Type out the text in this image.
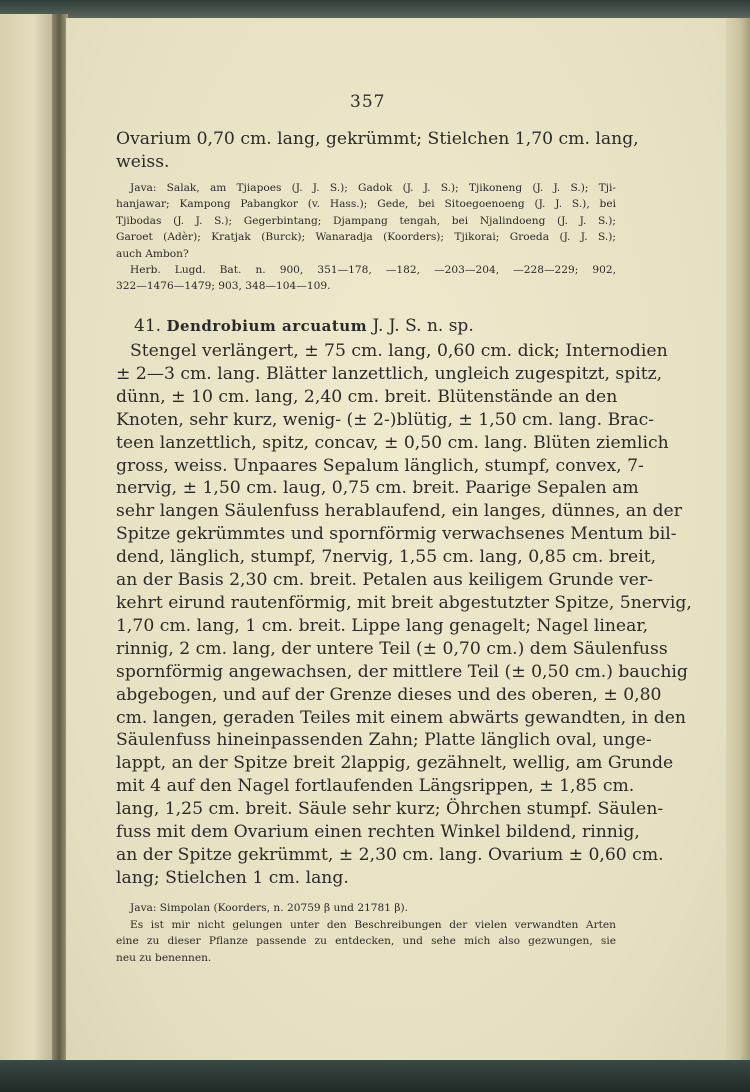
357
Ovarium 0,70 cm. lang, gekrümmt; Stielchen 1,70 cm. lang,
weiss.
Java: Salak, am Tjiapoes (J. J. S.); Gadok (J. J. S.); Tjikoneng (J. J. S.); Tji-
hanjawar; Kampong Pabangkor (v. Hass.); Gede, bei Sitoegoenoeng (J. J. S.), bei
Tjibodas (J. J. S.); Gegerbintang; Djampang tengah, bei Njalindoeng (J. J. S.);
Garoet (Adèr); Kratjak (Burck); Wanaradja (Koorders); Tjikorai; Groeda (J. J. S.);
auch Ambon?
Herb. Lugd. Bat. n. 900, 351—178, —182, —203—204, —228—229; 902,
322—1476—1479; 903, 348—104—109.
41. Dendrobium arcuatum J. J. S. n. sp.
Stengel verlängert, ± 75 cm. lang, 0,60 cm. dick; Internodien
± 2—3 cm. lang. Blätter lanzettlich, ungleich zugespitzt, spitz,
dünn, ± 10 cm. lang, 2,40 cm. breit. Blütenstände an den
Knoten, sehr kurz, wenig- (± 2-)blütig, ± 1,50 cm. lang. Brac-
teen lanzettlich, spitz, concav, ± 0,50 cm. lang. Blüten ziemlich
gross, weiss. Unpaares Sepalum länglich, stumpf, convex, 7-
nervig, ± 1,50 cm. laug, 0,75 cm. breit. Paarige Sepalen am
sehr langen Säulenfuss herablaufend, ein langes, dünnes, an der
Spitze gekrümmtes und spornförmig verwachsenes Mentum bil-
dend, länglich, stumpf, 7nervig, 1,55 cm. lang, 0,85 cm. breit,
an der Basis 2,30 cm. breit. Petalen aus keiligem Grunde ver-
kehrt eirund rautenförmig, mit breit abgestutzter Spitze, 5nervig,
1,70 cm. lang, 1 cm. breit. Lippe lang genagelt; Nagel linear,
rinnig, 2 cm. lang, der untere Teil (± 0,70 cm.) dem Säulenfuss
spornförmig angewachsen, der mittlere Teil (± 0,50 cm.) bauchig
abgebogen, und auf der Grenze dieses und des oberen, ± 0,80
cm. langen, geraden Teiles mit einem abwärts gewandten, in den
Säulenfuss hineinpassenden Zahn; Platte länglich oval, unge-
lappt, an der Spitze breit 2lappig, gezähnelt, wellig, am Grunde
mit 4 auf den Nagel fortlaufenden Längsrippen, ± 1,85 cm.
lang, 1,25 cm. breit. Säule sehr kurz; Öhrchen stumpf. Säulen-
fuss mit dem Ovarium einen rechten Winkel bildend, rinnig,
an der Spitze gekrümmt, ± 2,30 cm. lang. Ovarium ± 0,60 cm.
lang; Stielchen 1 cm. lang.
Java: Simpolan (Koorders, n. 20759 β und 21781 β).
Es ist mir nicht gelungen unter den Beschreibungen der vielen verwandten Arten
eine zu dieser Pflanze passende zu entdecken, und sehe mich also gezwungen, sie
neu zu benennen.
